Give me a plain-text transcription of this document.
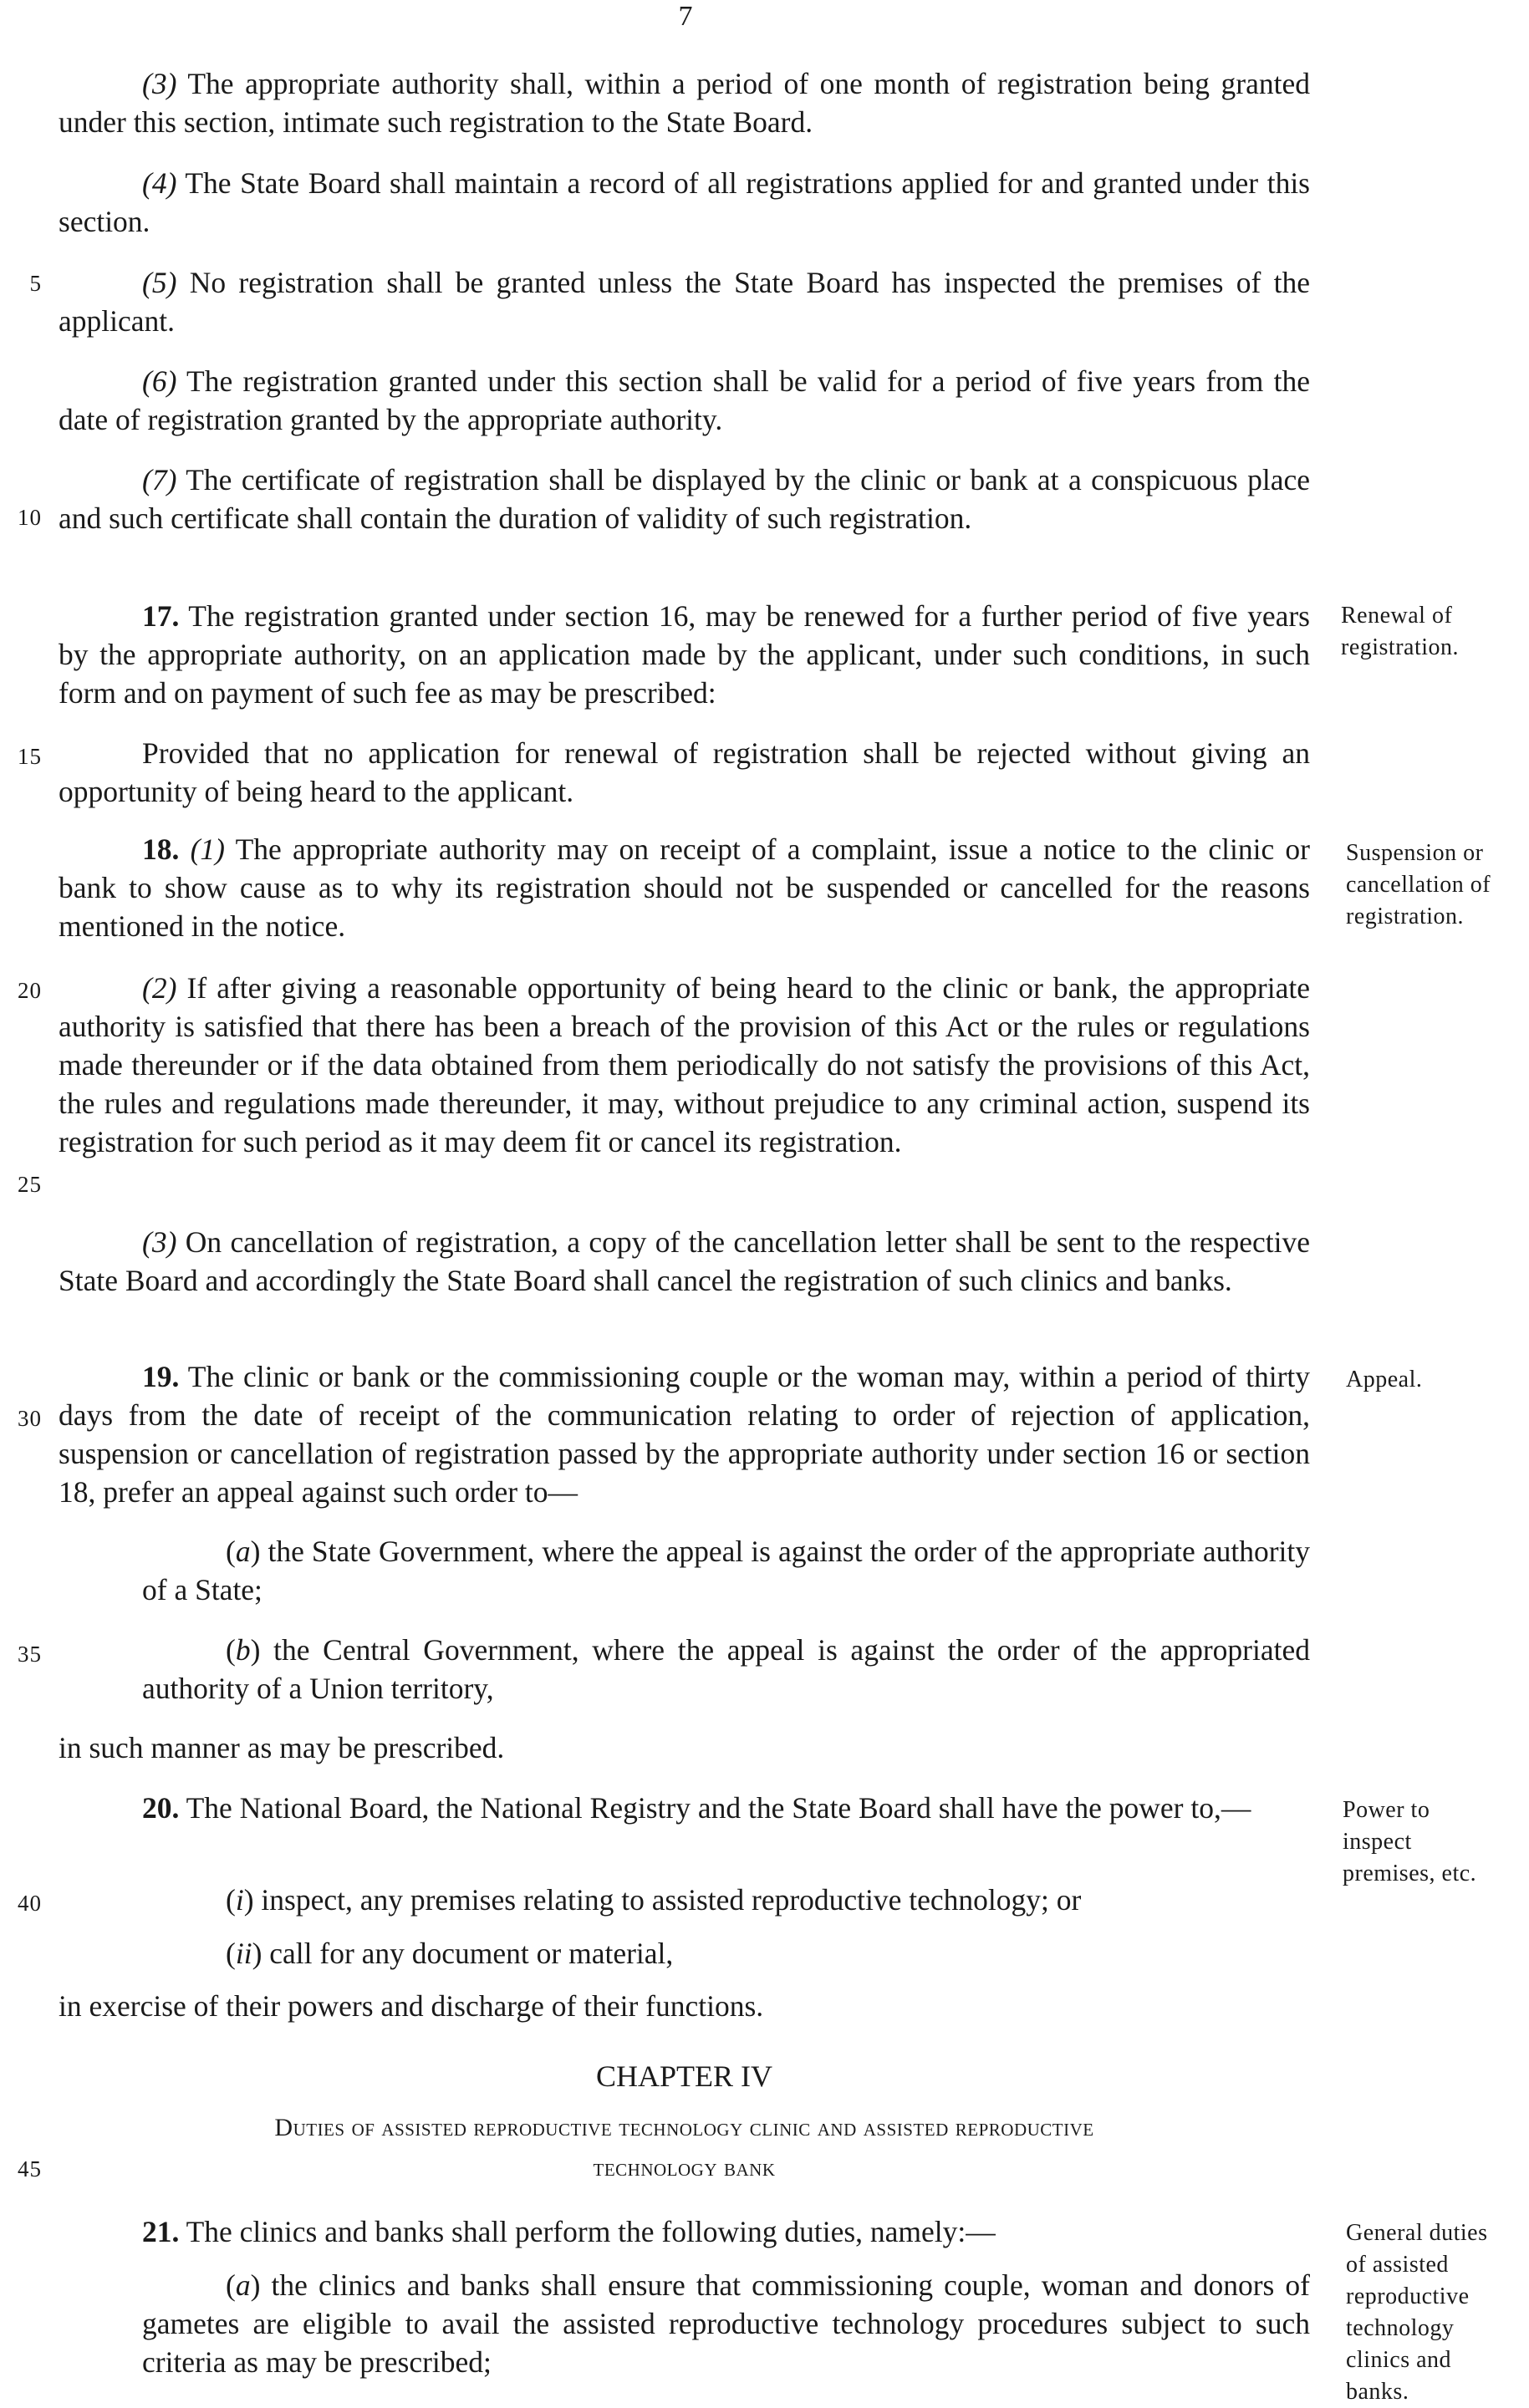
7
5
10
15
20
25
30
35
40
45

(3) The appropriate authority shall, within a period of one month of registration being granted under this section, intimate such registration to the State Board.

(4) The State Board shall maintain a record of all registrations applied for and granted under this section.

(5) No registration shall be granted unless the State Board has inspected the premises of the applicant.

(6) The registration granted under this section shall be valid for a period of five years from the date of registration granted by the appropriate authority.

(7) The certificate of registration shall be displayed by the clinic or bank at a conspicuous place and such certificate shall contain the duration of validity of such registration.

17. The registration granted under section 16, may be renewed for a further period of five years by the appropriate authority, on an application made by the applicant, under such conditions, in such form and on payment of such fee as may be prescribed:

Provided that no application for renewal of registration shall be rejected without giving an opportunity of being heard to the applicant.

18. (1) The appropriate authority may on receipt of a complaint, issue a notice to the clinic or bank to show cause as to why its registration should not be suspended or cancelled for the reasons mentioned in the notice.

(2) If after giving a reasonable opportunity of being heard to the clinic or bank, the appropriate authority is satisfied that there has been a breach of the provision of this Act or the rules or regulations made thereunder or if the data obtained from them periodically do not satisfy the provisions of this Act, the rules and regulations made thereunder, it may, without prejudice to any criminal action, suspend its registration for such period as it may deem fit or cancel its registration.

(3) On cancellation of registration, a copy of the cancellation letter shall be sent to the respective State Board and accordingly the State Board shall cancel the registration of such clinics and banks.

19. The clinic or bank or the commissioning couple or the woman may, within a period of thirty days from the date of receipt of the communication relating to order of rejection of application, suspension or cancellation of registration passed by the appropriate authority under section 16 or section 18, prefer an appeal against such order to—

(a) the State Government, where the appeal is against the order of the appropriate authority of a State;

(b) the Central Government, where the appeal is against the order of the appropriated authority of a Union territory,

in such manner as may be prescribed.

20. The National Board, the National Registry and the State Board shall have the power to,—

(i) inspect, any premises relating to assisted reproductive technology; or

(ii) call for any document or material,

in exercise of their powers and discharge of their functions.

CHAPTER IV
Duties of assisted reproductive technology clinic and assisted reproductive
technology bank

21. The clinics and banks shall perform the following duties, namely:—

(a) the clinics and banks shall ensure that commissioning couple, woman and donors of gametes are eligible to avail the assisted reproductive technology procedures subject to such criteria as may be prescribed;

Renewal of
registration.
Suspension or
cancellation of
registration.
Appeal.
Power to
inspect
premises, etc.
General duties
of assisted
reproductive
technology
clinics and
banks.
